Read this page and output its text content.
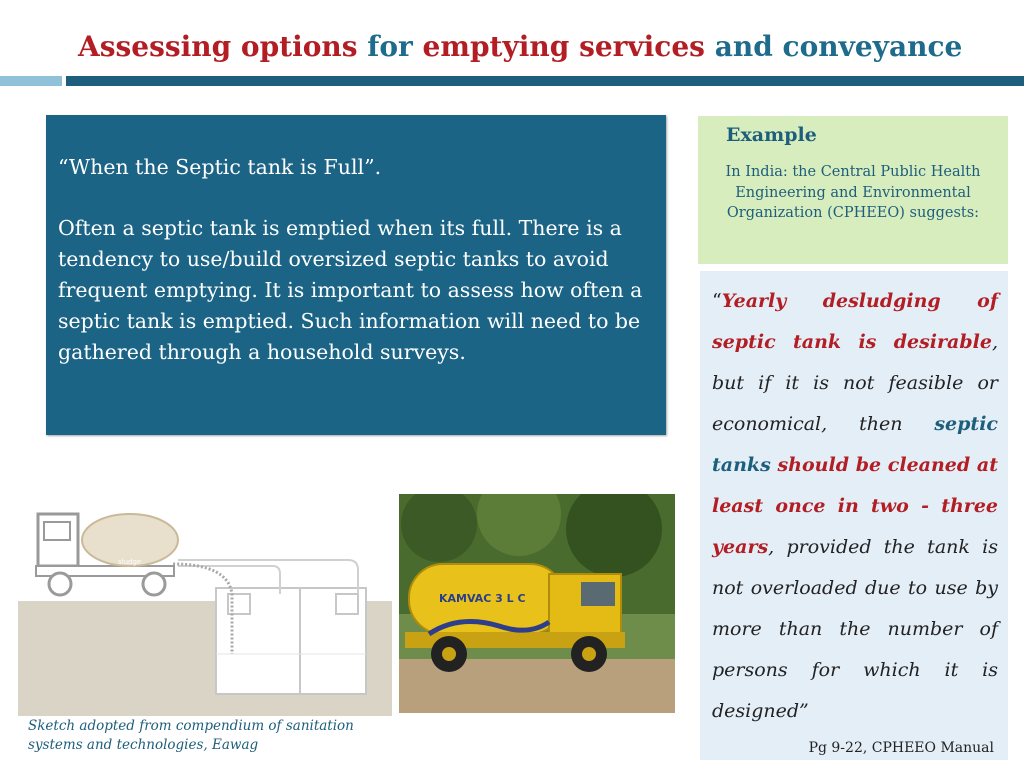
Assessing options for emptying services and conveyance
“When the Septic tank is Full”.
Often a septic tank is emptied when its full. There is a tendency to use/build oversized septic tanks to avoid frequent emptying. It is important to assess how often a septic tank is emptied. Such information will need to be gathered through a household surveys.
Example
In India: the Central Public Health Engineering and Environmental Organization (CPHEEO) suggests:
“Yearly desludging of septic tank is desirable, but if it is not feasible or economical, then septic tanks should be cleaned at least once in two - three years, provided the tank is not overloaded due to use by more than the number of persons for which it is designed”
Pg 9-22, CPHEEO Manual
sludge
Sketch adopted from compendium of sanitation systems and technologies, Eawag
KAMVAC 3 L C
